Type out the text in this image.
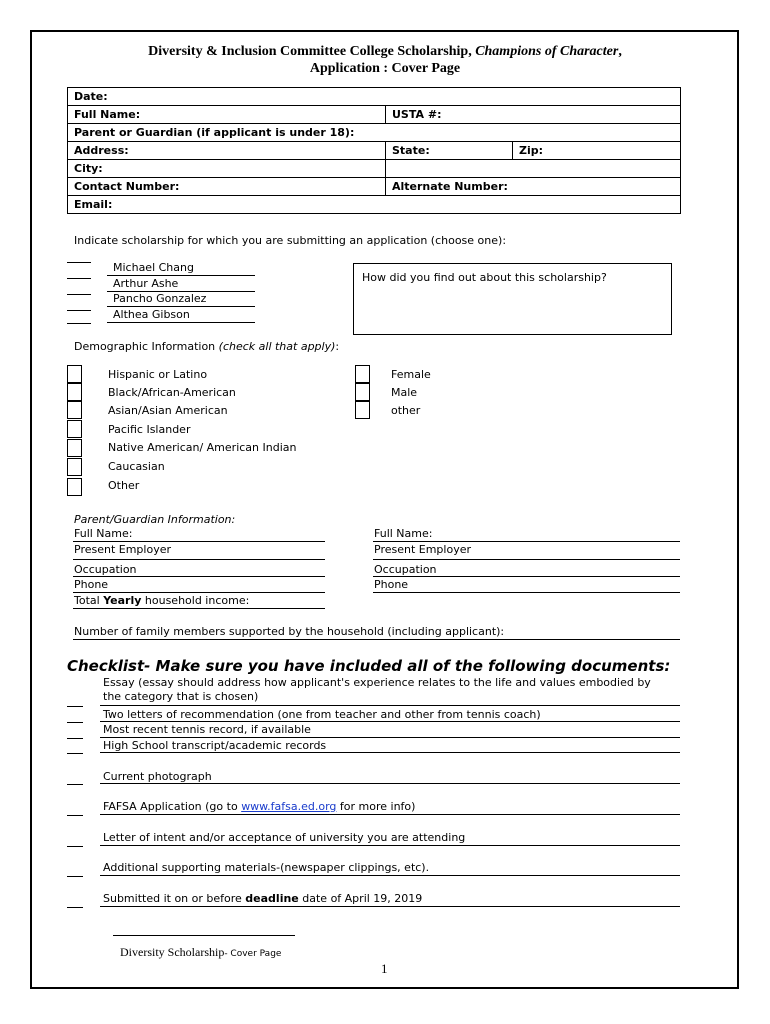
Diversity & Inclusion Committee College Scholarship, Champions of Character,
Application : Cover Page
Date:		
Full Name:	USTA #:	
Parent or Guardian (if applicant is under 18):		
Address:	State:	Zip:
City:		
Contact Number:	Alternate Number:	
Email:		
Indicate scholarship for which you are submitting an application (choose one):
Michael Chang
Arthur Ashe
Pancho Gonzalez
Althea Gibson
How did you find out about this scholarship?
Demographic Information (check all that apply):
Hispanic or Latino
Black/African-American
Asian/Asian American
Pacific Islander
Native American/ American Indian
Caucasian
Other
Female
Male
other
Parent/Guardian Information:
Full Name:
Present Employer
Occupation
Phone
Total Yearly household income:
Full Name:
Present Employer
Occupation
Phone
Number of family members supported by the household (including applicant):
Checklist- Make sure you have included all of the following documents:
Essay (essay should address how applicant's experience relates to the life and values embodied by
the category that is chosen)
Two letters of recommendation (one from teacher and other from tennis coach)
Most recent tennis record, if available
High School transcript/academic records
Current photograph
FAFSA Application (go to www.fafsa.ed.org for more info)
Letter of intent and/or acceptance of university you are attending
Additional supporting materials-(newspaper clippings, etc).
Submitted it on or before deadline date of April 19, 2019
Diversity Scholarship- Cover Page
1
